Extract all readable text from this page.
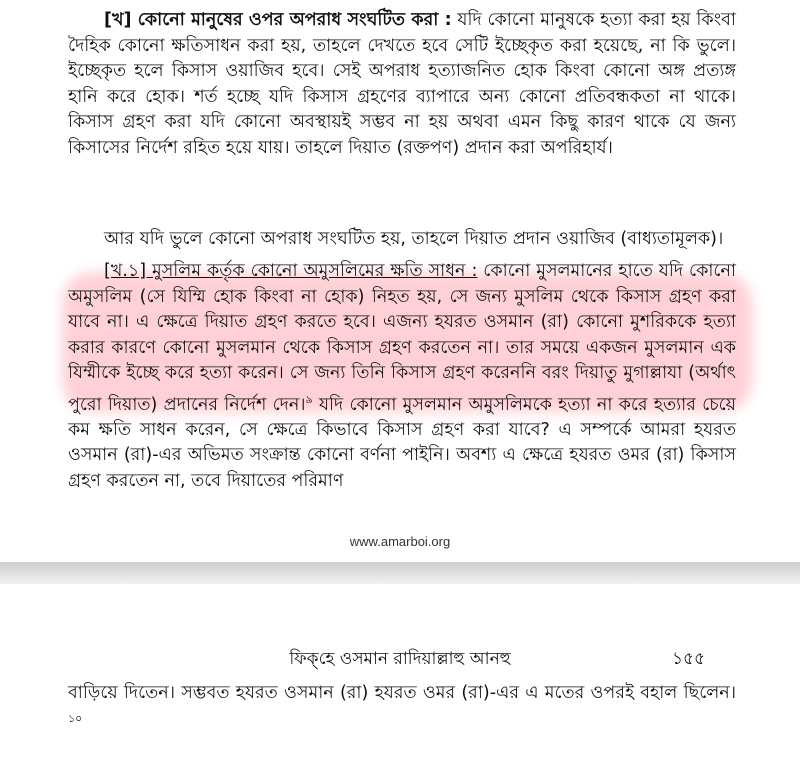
[খ] কোনো মানুষের ওপর অপরাধ সংঘটিত করা : যদি কোনো মানুষকে হত্যা করা হয় কিংবা দৈহিক কোনো ক্ষতিসাধন করা হয়, তাহলে দেখতে হবে সেটি ইচ্ছেকৃত করা হয়েছে, না কি ভুলে। ইচ্ছেকৃত হলে কিসাস ওয়াজিব হবে। সেই অপরাধ হত্যাজনিত হোক কিংবা কোনো অঙ্গ প্রত্যঙ্গ হানি করে হোক। শর্ত হচ্ছে যদি কিসাস গ্রহণের ব্যাপারে অন্য কোনো প্রতিবন্ধকতা না থাকে। কিসাস গ্রহণ করা যদি কোনো অবস্থায়ই সম্ভব না হয় অথবা এমন কিছু কারণ থাকে যে জন্য কিসাসের নির্দেশ রহিত হয়ে যায়। তাহলে দিয়াত (রক্তপণ) প্রদান করা অপরিহার্য।
আর যদি ভুলে কোনো অপরাধ সংঘটিত হয়, তাহলে দিয়াত প্রদান ওয়াজিব (বাধ্যতামূলক)।
[খ.১] মুসলিম কর্তৃক কোনো অমুসলিমের ক্ষতি সাধন : কোনো মুসলমানের হাতে যদি কোনো অমুসলিম (সে যিম্মি হোক কিংবা না হোক) নিহত হয়, সে জন্য মুসলিম থেকে কিসাস গ্রহণ করা যাবে না। এ ক্ষেত্রে দিয়াত গ্রহণ করতে হবে। এজন্য হযরত ওসমান (রা) কোনো মুশরিককে হত্যা করার কারণে কোনো মুসলমান থেকে কিসাস গ্রহণ করতেন না। তার সময়ে একজন মুসলমান এক যিম্মীকে ইচ্ছে করে হত্যা করেন। সে জন্য তিনি কিসাস গ্রহণ করেননি বরং দিয়াতু মুগাল্লাযা (অর্থাৎ পুরো দিয়াত) প্রদানের নির্দেশ দেন।$^৯$ যদি কোনো মুসলমান অমুসলিমকে হত্যা না করে হত্যার চেয়ে কম ক্ষতি সাধন করেন, সে ক্ষেত্রে কিভাবে কিসাস গ্রহণ করা যাবে? এ সম্পর্কে আমরা হযরত ওসমান (রা)-এর অভিমত সংক্রান্ত কোনো বর্ণনা পাইনি। অবশ্য এ ক্ষেত্রে হযরত ওমর (রা) কিসাস গ্রহণ করতেন না, তবে দিয়াতের পরিমাণ
www.amarboi.org
ফিক্‌হে ওসমান রাদিয়াল্লাহু আনহু	১৫৫
বাড়িয়ে দিতেন। সম্ভবত হযরত ওসমান (রা) হযরত ওমর (রা)-এর এ মতের ওপরই বহাল ছিলেন।$^{১০}$
